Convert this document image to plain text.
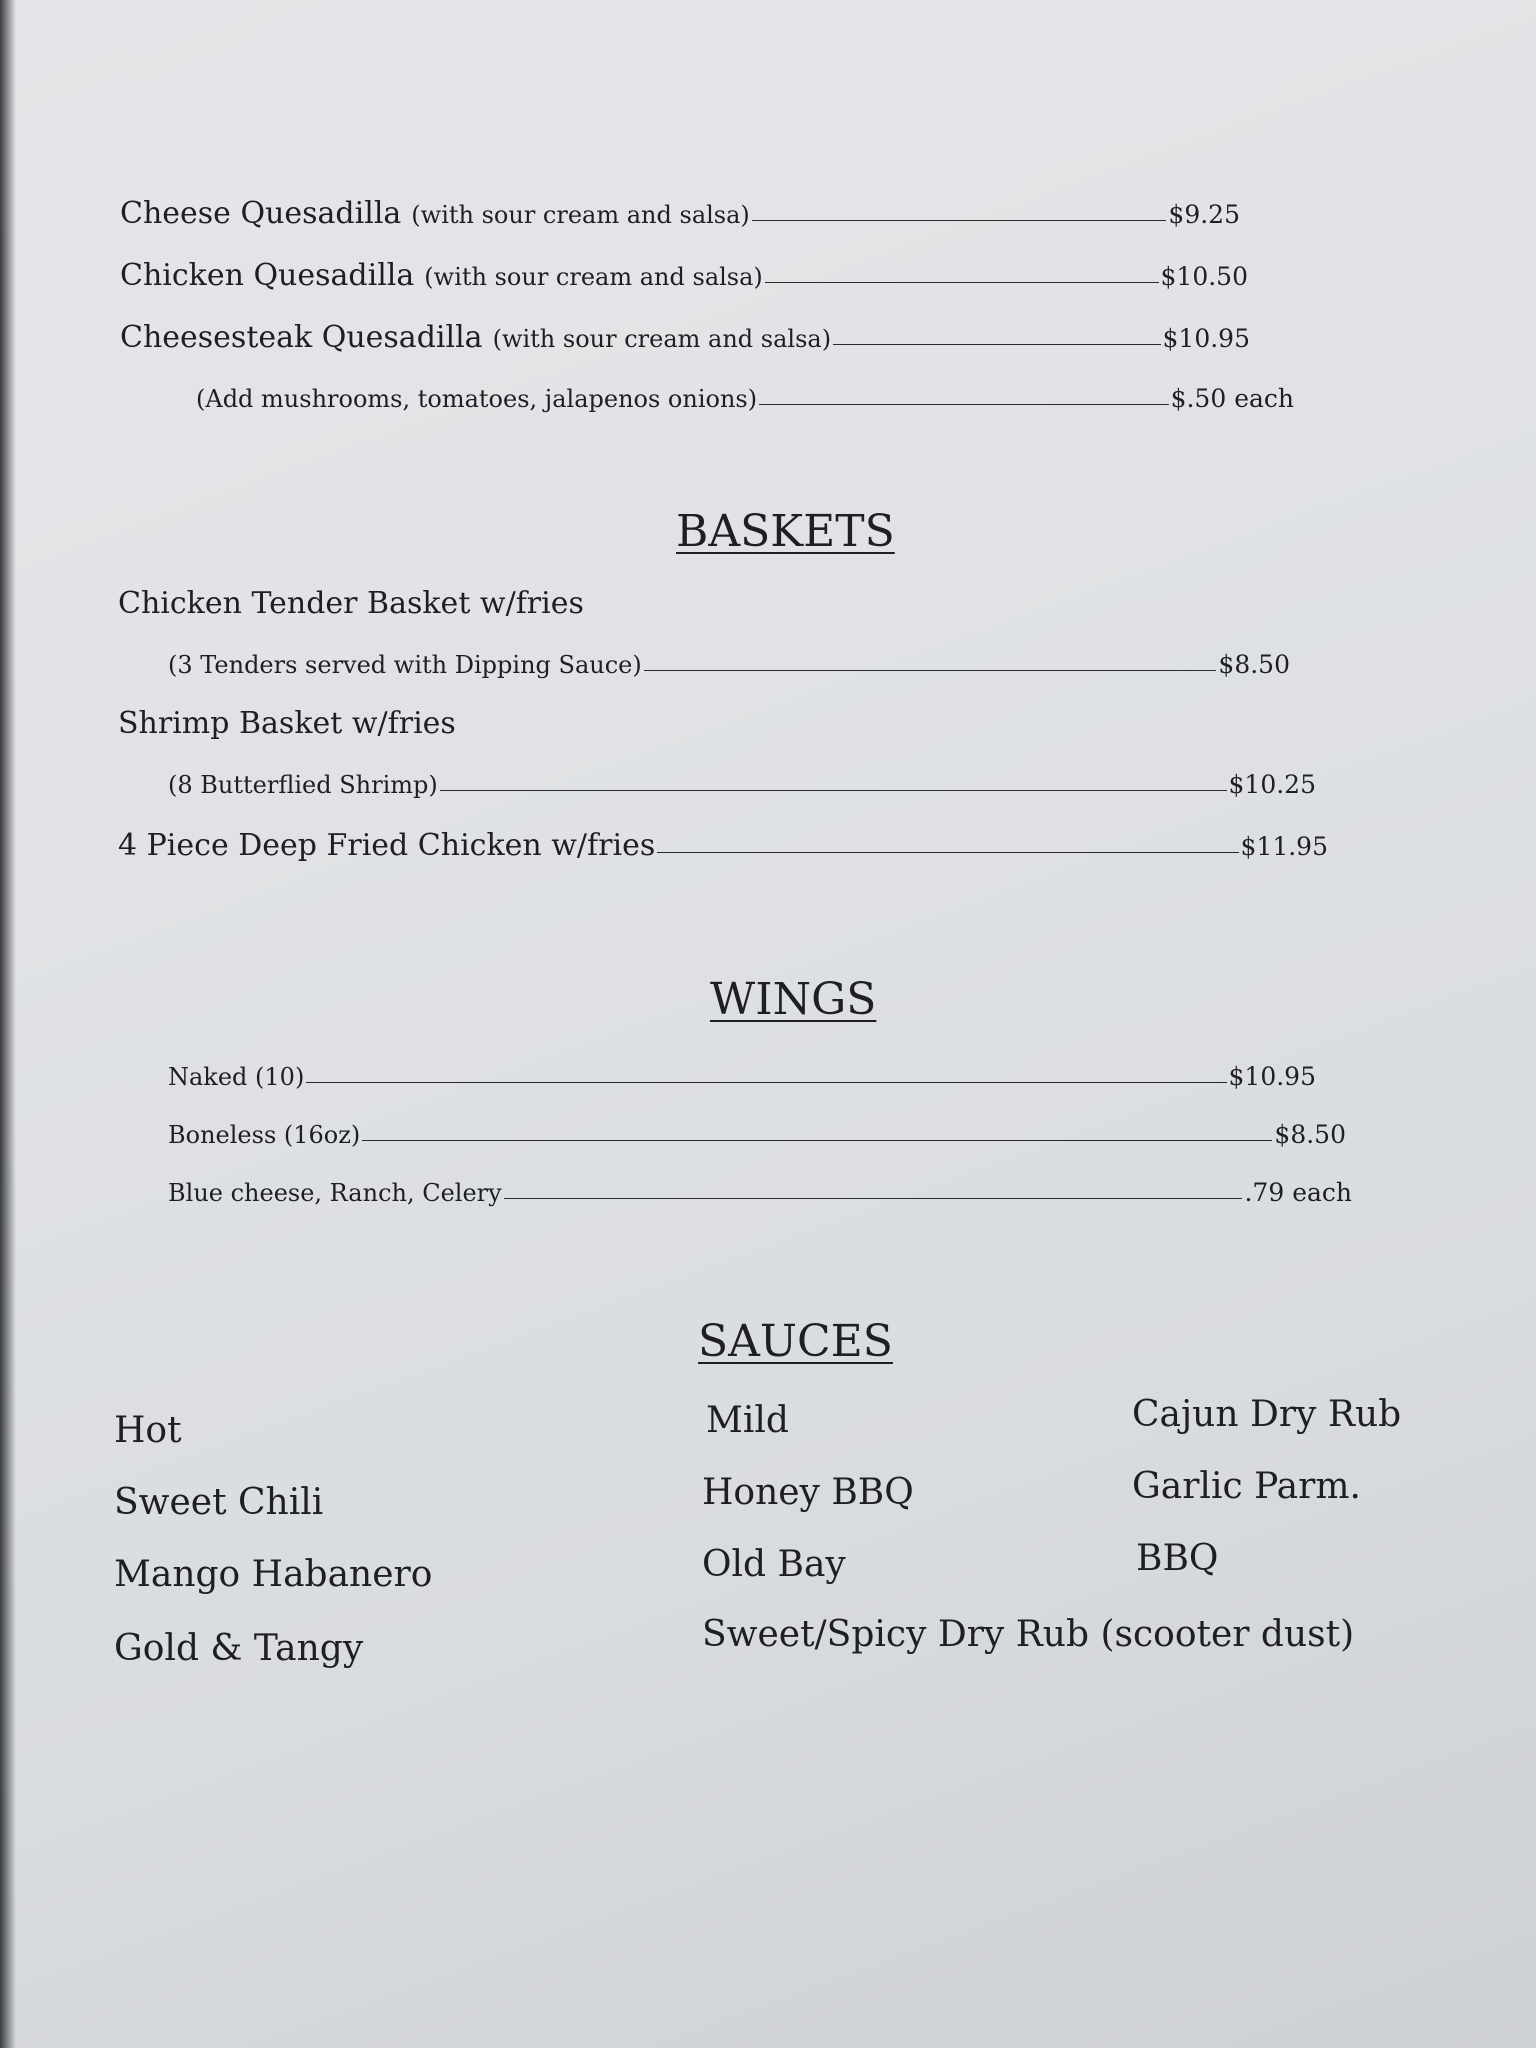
Cheese Quesadilla (with sour cream and salsa)	$9.25
Chicken Quesadilla (with sour cream and salsa)	$10.50
Cheesesteak Quesadilla (with sour cream and salsa)	$10.95
(Add mushrooms, tomatoes, jalapenos onions)	$.50 each
BASKETS
Chicken Tender Basket w/fries
(3 Tenders served with Dipping Sauce)	$8.50
Shrimp Basket w/fries
(8 Butterflied Shrimp)	$10.25
4 Piece Deep Fried Chicken w/fries	$11.95
WINGS
Naked (10)	$10.95
Boneless (16oz)	$8.50
Blue cheese, Ranch, Celery	.79 each
SAUCES
Hot
Sweet Chili
Mango Habanero
Gold & Tangy
Mild
Honey BBQ
Old Bay
Sweet/Spicy Dry Rub (scooter dust)
Cajun Dry Rub
Garlic Parm.
BBQ
